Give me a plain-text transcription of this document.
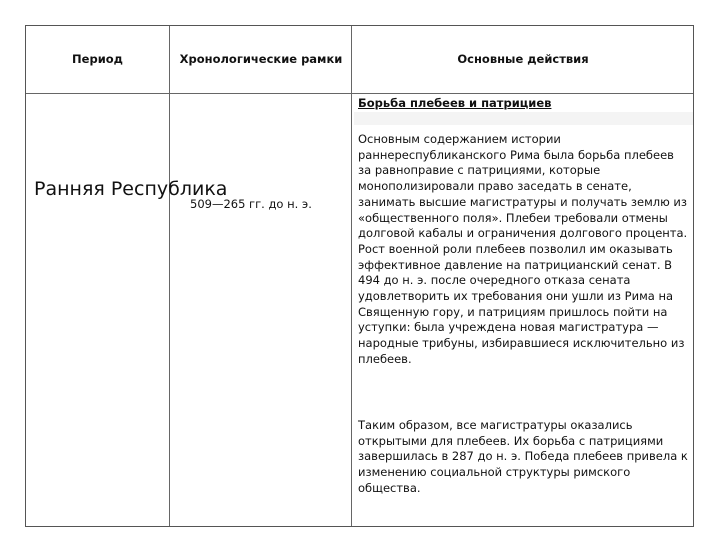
Период	Хронологические рамки	Основные действия
Ранняя Республика
509—265 гг. до н. э.
Борьба плебеев и патрициев
Основным содержанием истории раннереспубликанского Рима была борьба плебеев за равноправие с патрициями, которые монополизировали право заседать в сенате, занимать высшие магистратуры и получать землю из «общественного поля». Плебеи требовали отмены долговой кабалы и ограничения долгового процента. Рост военной роли плебеев позволил им оказывать эффективное давление на патрицианский сенат. В 494 до н. э. после очередного отказа сената удовлетворить их требования они ушли из Рима на Священную гору, и патрициям пришлось пойти на уступки: была учреждена новая магистратура — народные трибуны, избиравшиеся исключительно из плебеев.
Таким образом, все магистратуры оказались открытыми для плебеев. Их борьба с патрициями завершилась в 287 до н. э. Победа плебеев привела к изменению социальной структуры римского общества.
